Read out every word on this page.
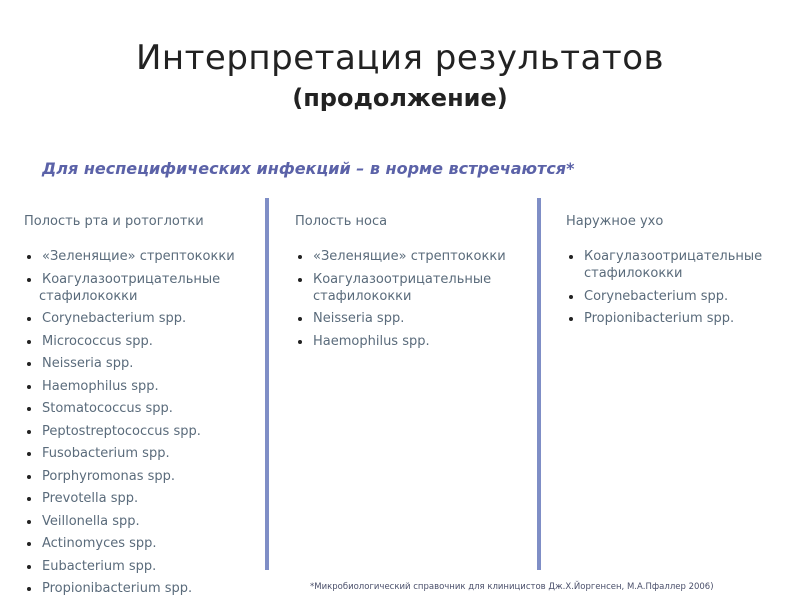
Интерпретация результатов
(продолжение)

Для неспецифических инфекций – в норме встречаются*

Полость рта и ротоглотки
«Зеленящие» стрептококки
Коагулазоотрицательные
стафилококки
Corynebacterium spp.
Micrococcus spp.
Neisseria spp.
Haemophilus spp.
Stomatococcus spp.
Peptostreptococcus spp.
Fusobacterium spp.
Porphyromonas spp.
Prevotella spp.
Veillonella spp.
Actinomyces spp.
Eubacterium spp.
Propionibacterium spp.
Полость носа
«Зеленящие» стрептококки
Коагулазоотрицательные стафилококки
Neisseria spp.
Haemophilus spp.
Наружное ухо
Коагулазоотрицательные стафилококки
Corynebacterium spp.
Propionibacterium spp.

*Микробиологический справочник для клиницистов Дж.Х.Йоргенсен, М.А.Пфаллер 2006)
